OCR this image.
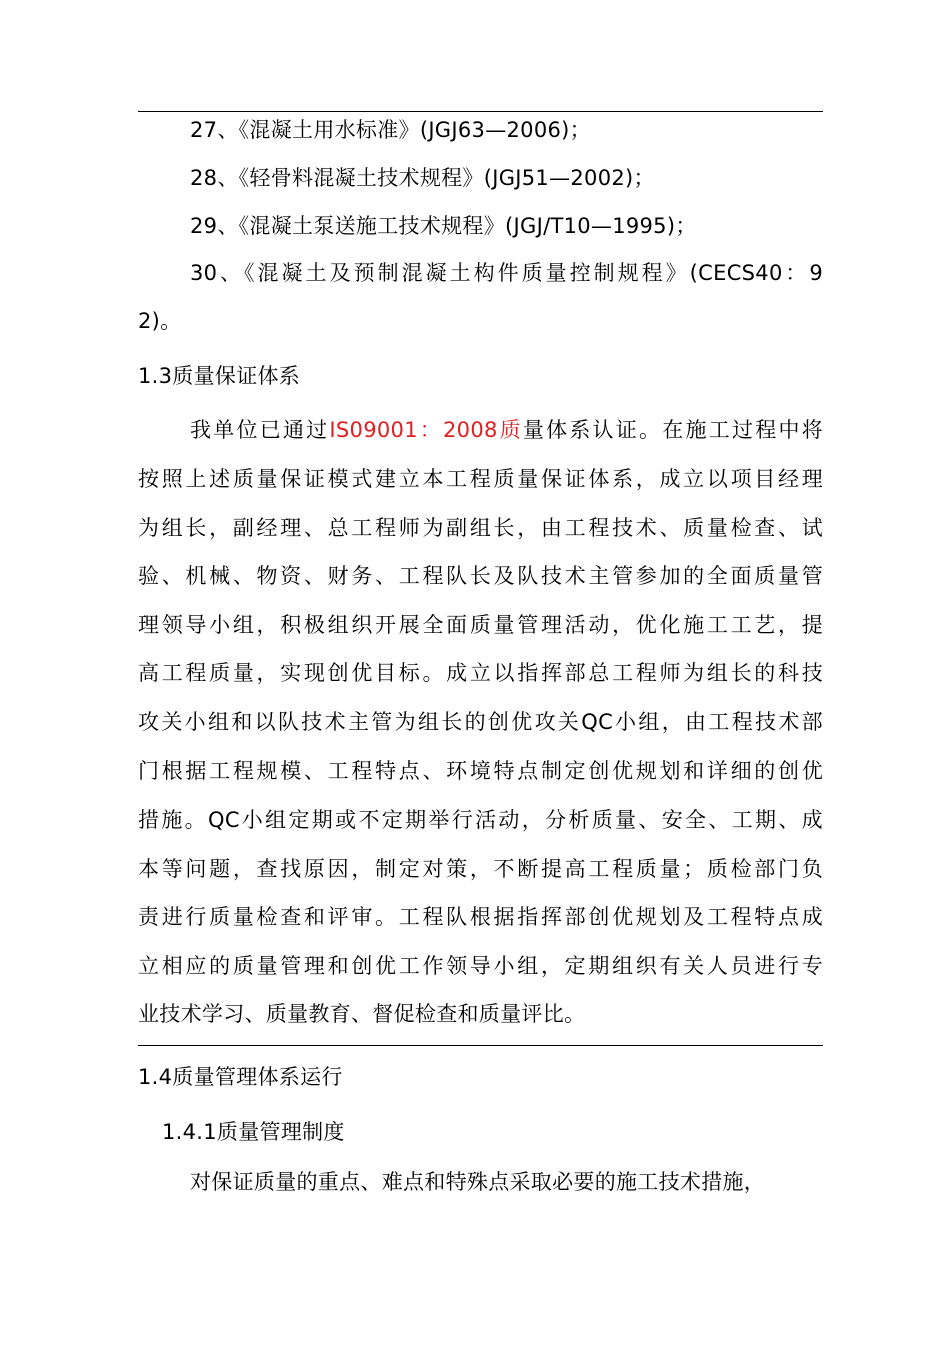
27、《混凝土用水标准》(JGJ63—2006)；
28、《轻骨料混凝土技术规程》(JGJ51—2002)；
29、《混凝土泵送施工技术规程》(JGJ/T10—1995)；
30、《混凝土及预制混凝土构件质量控制规程》(CECS40：9
2)。
1.3质量保证体系
我单位已通过IS09001：2008质量体系认证。在施工过程中将
按照上述质量保证模式建立本工程质量保证体系，成立以项目经理
为组长，副经理、总工程师为副组长，由工程技术、质量检查、试
验、机械、物资、财务、工程队长及队技术主管参加的全面质量管
理领导小组，积极组织开展全面质量管理活动，优化施工工艺，提
高工程质量，实现创优目标。成立以指挥部总工程师为组长的科技
攻关小组和以队技术主管为组长的创优攻关QC小组，由工程技术部
门根据工程规模、工程特点、环境特点制定创优规划和详细的创优
措施。QC小组定期或不定期举行活动，分析质量、安全、工期、成
本等问题，查找原因，制定对策，不断提高工程质量；质检部门负
责进行质量检查和评审。工程队根据指挥部创优规划及工程特点成
立相应的质量管理和创优工作领导小组，定期组织有关人员进行专
业技术学习、质量教育、督促检查和质量评比。
1.4质量管理体系运行
1.4.1质量管理制度
对保证质量的重点、难点和特殊点采取必要的施工技术措施，
